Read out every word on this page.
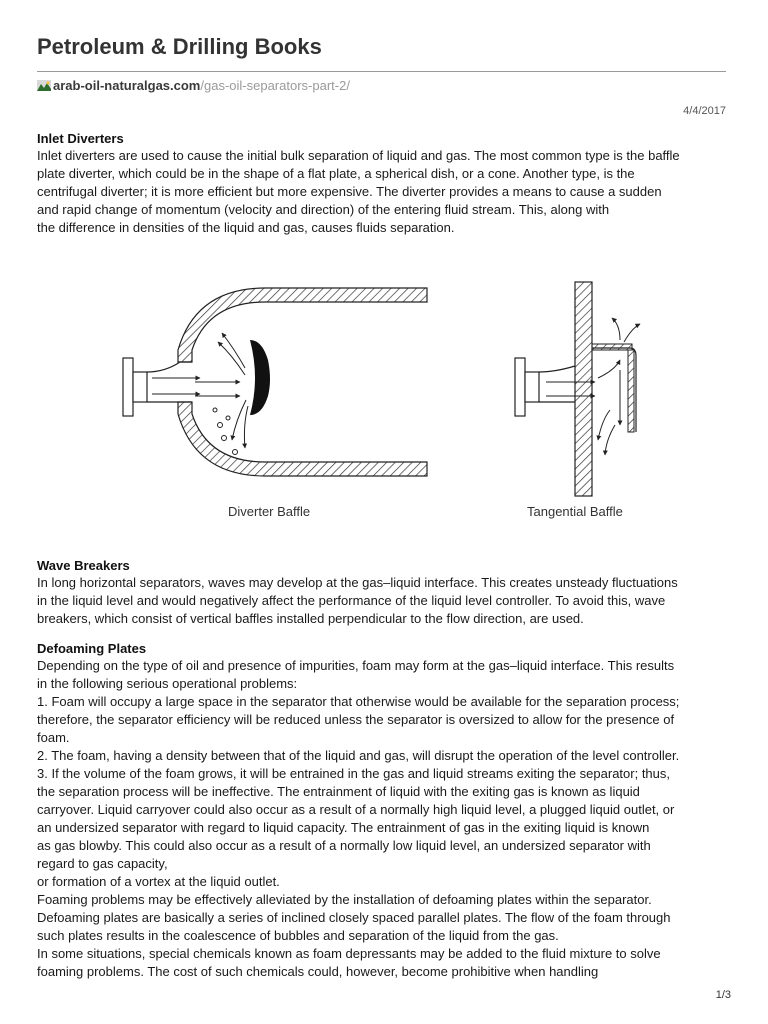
Petroleum & Drilling Books
arab-oil-naturalgas.com /gas-oil-separators-part-2/
4/4/2017
Inlet Diverters
Inlet diverters are used to cause the initial bulk separation of liquid and gas. The most common type is the baffle
plate diverter, which could be in the shape of a flat plate, a spherical dish, or a cone. Another type, is the
centrifugal diverter; it is more efficient but more expensive. The diverter provides a means to cause a sudden
and rapid change of momentum (velocity and direction) of the entering fluid stream. This, along with
the difference in densities of the liquid and gas, causes fluids separation.
Diverter Baffle	Tangential Baffle
Wave Breakers
In long horizontal separators, waves may develop at the gas–liquid interface. This creates unsteady fluctuations
in the liquid level and would negatively affect the performance of the liquid level controller. To avoid this, wave
breakers, which consist of vertical baffles installed perpendicular to the flow direction, are used.
Defoaming Plates
Depending on the type of oil and presence of impurities, foam may form at the gas–liquid interface. This results
in the following serious operational problems:
1. Foam will occupy a large space in the separator that otherwise would be available for the separation process;
therefore, the separator efficiency will be reduced unless the separator is oversized to allow for the presence of
foam.
2. The foam, having a density between that of the liquid and gas, will disrupt the operation of the level controller.
3. If the volume of the foam grows, it will be entrained in the gas and liquid streams exiting the separator; thus,
the separation process will be ineffective. The entrainment of liquid with the exiting gas is known as liquid
carryover. Liquid carryover could also occur as a result of a normally high liquid level, a plugged liquid outlet, or
an undersized separator with regard to liquid capacity. The entrainment of gas in the exiting liquid is known
as gas blowby. This could also occur as a result of a normally low liquid level, an undersized separator with
regard to gas capacity,
or formation of a vortex at the liquid outlet.
Foaming problems may be effectively alleviated by the installation of defoaming plates within the separator.
Defoaming plates are basically a series of inclined closely spaced parallel plates. The flow of the foam through
such plates results in the coalescence of bubbles and separation of the liquid from the gas.
In some situations, special chemicals known as foam depressants may be added to the fluid mixture to solve
foaming problems. The cost of such chemicals could, however, become prohibitive when handling
1/3
